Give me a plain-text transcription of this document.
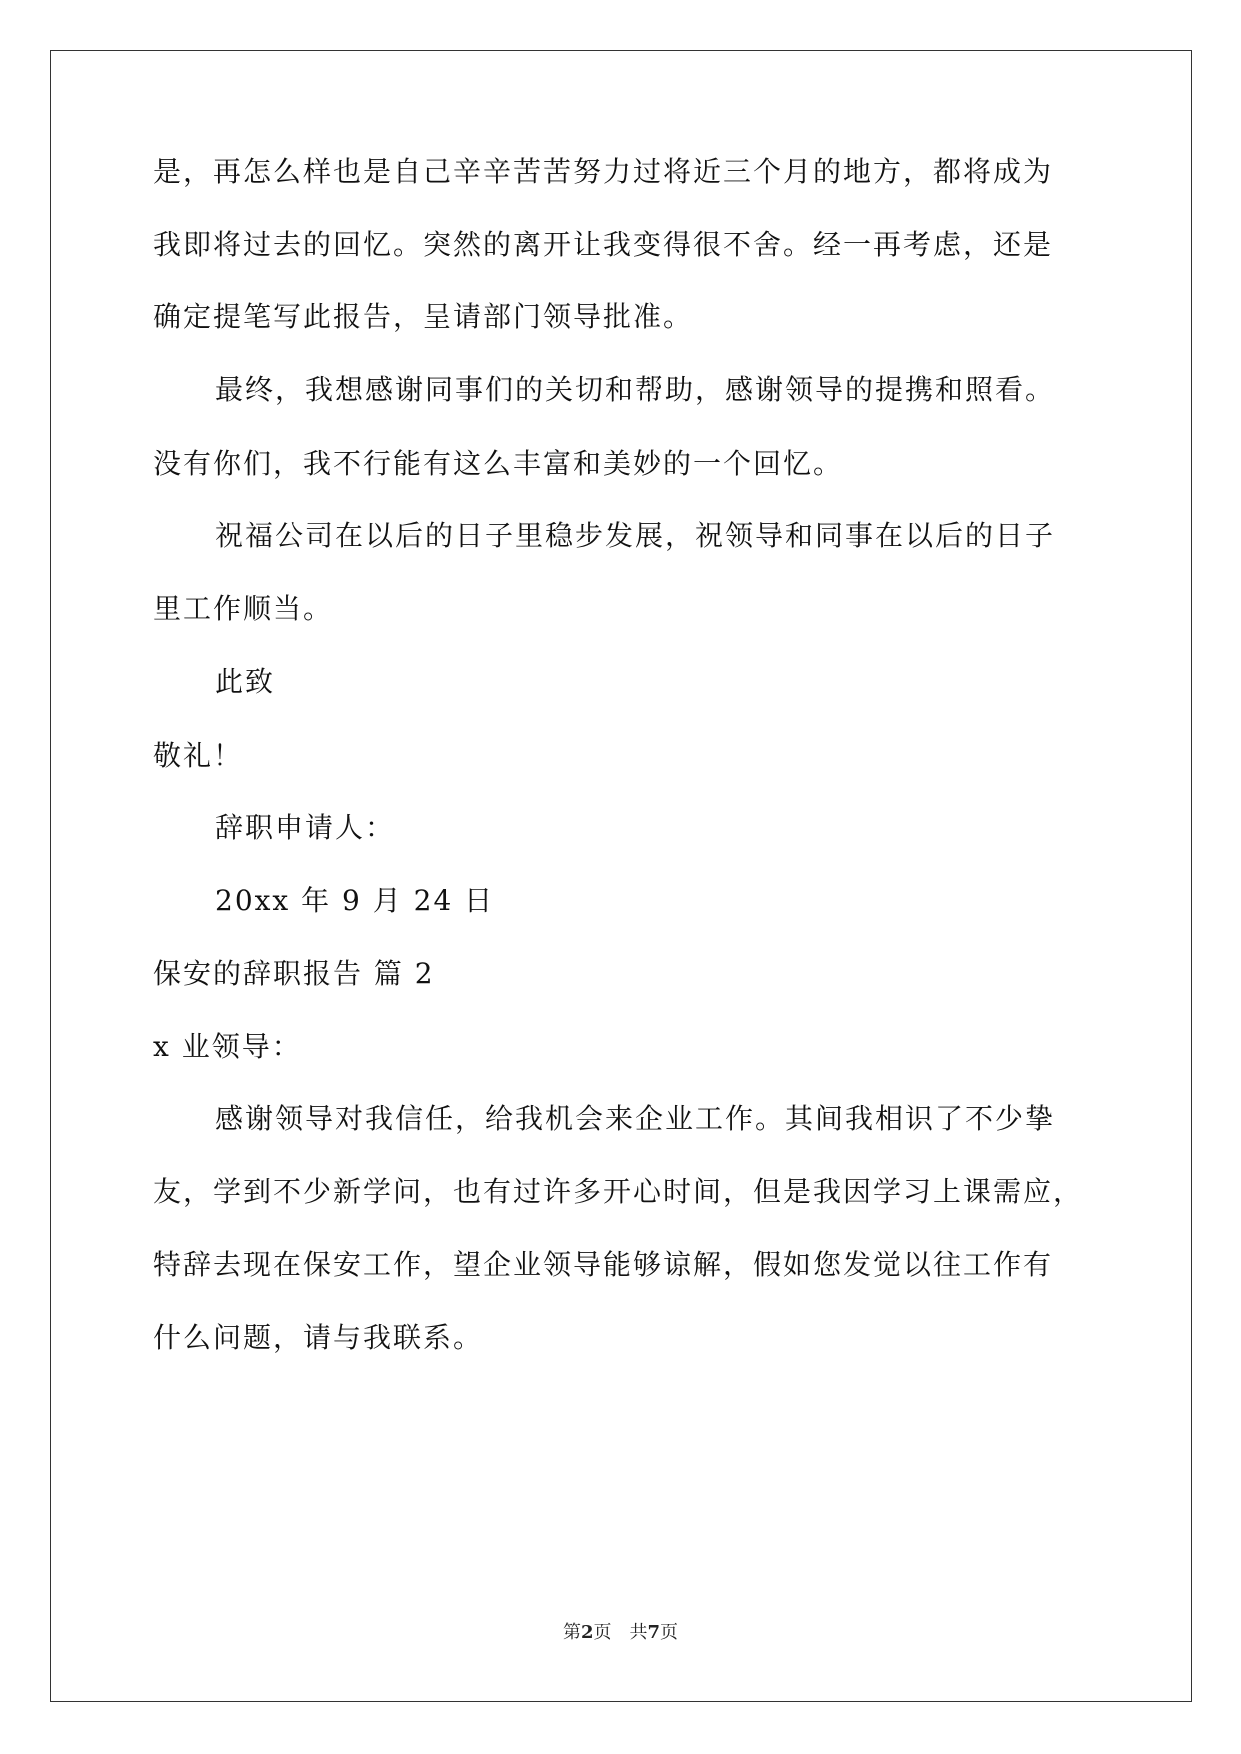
是，再怎么样也是自己辛辛苦苦努力过将近三个月的地方，都将成为
我即将过去的回忆。突然的离开让我变得很不舍。经一再考虑，还是
确定提笔写此报告，呈请部门领导批准。
最终，我想感谢同事们的关切和帮助，感谢领导的提携和照看。
没有你们，我不行能有这么丰富和美妙的一个回忆。
祝福公司在以后的日子里稳步发展，祝领导和同事在以后的日子
里工作顺当。
此致
敬礼！
辞职申请人：
20xx 年 9 月 24 日
保安的辞职报告 篇 2
x 业领导：
感谢领导对我信任，给我机会来企业工作。其间我相识了不少挚
友，学到不少新学问，也有过许多开心时间，但是我因学习上课需应，
特辞去现在保安工作，望企业领导能够谅解，假如您发觉以往工作有
什么问题，请与我联系。
第2页　共7页
